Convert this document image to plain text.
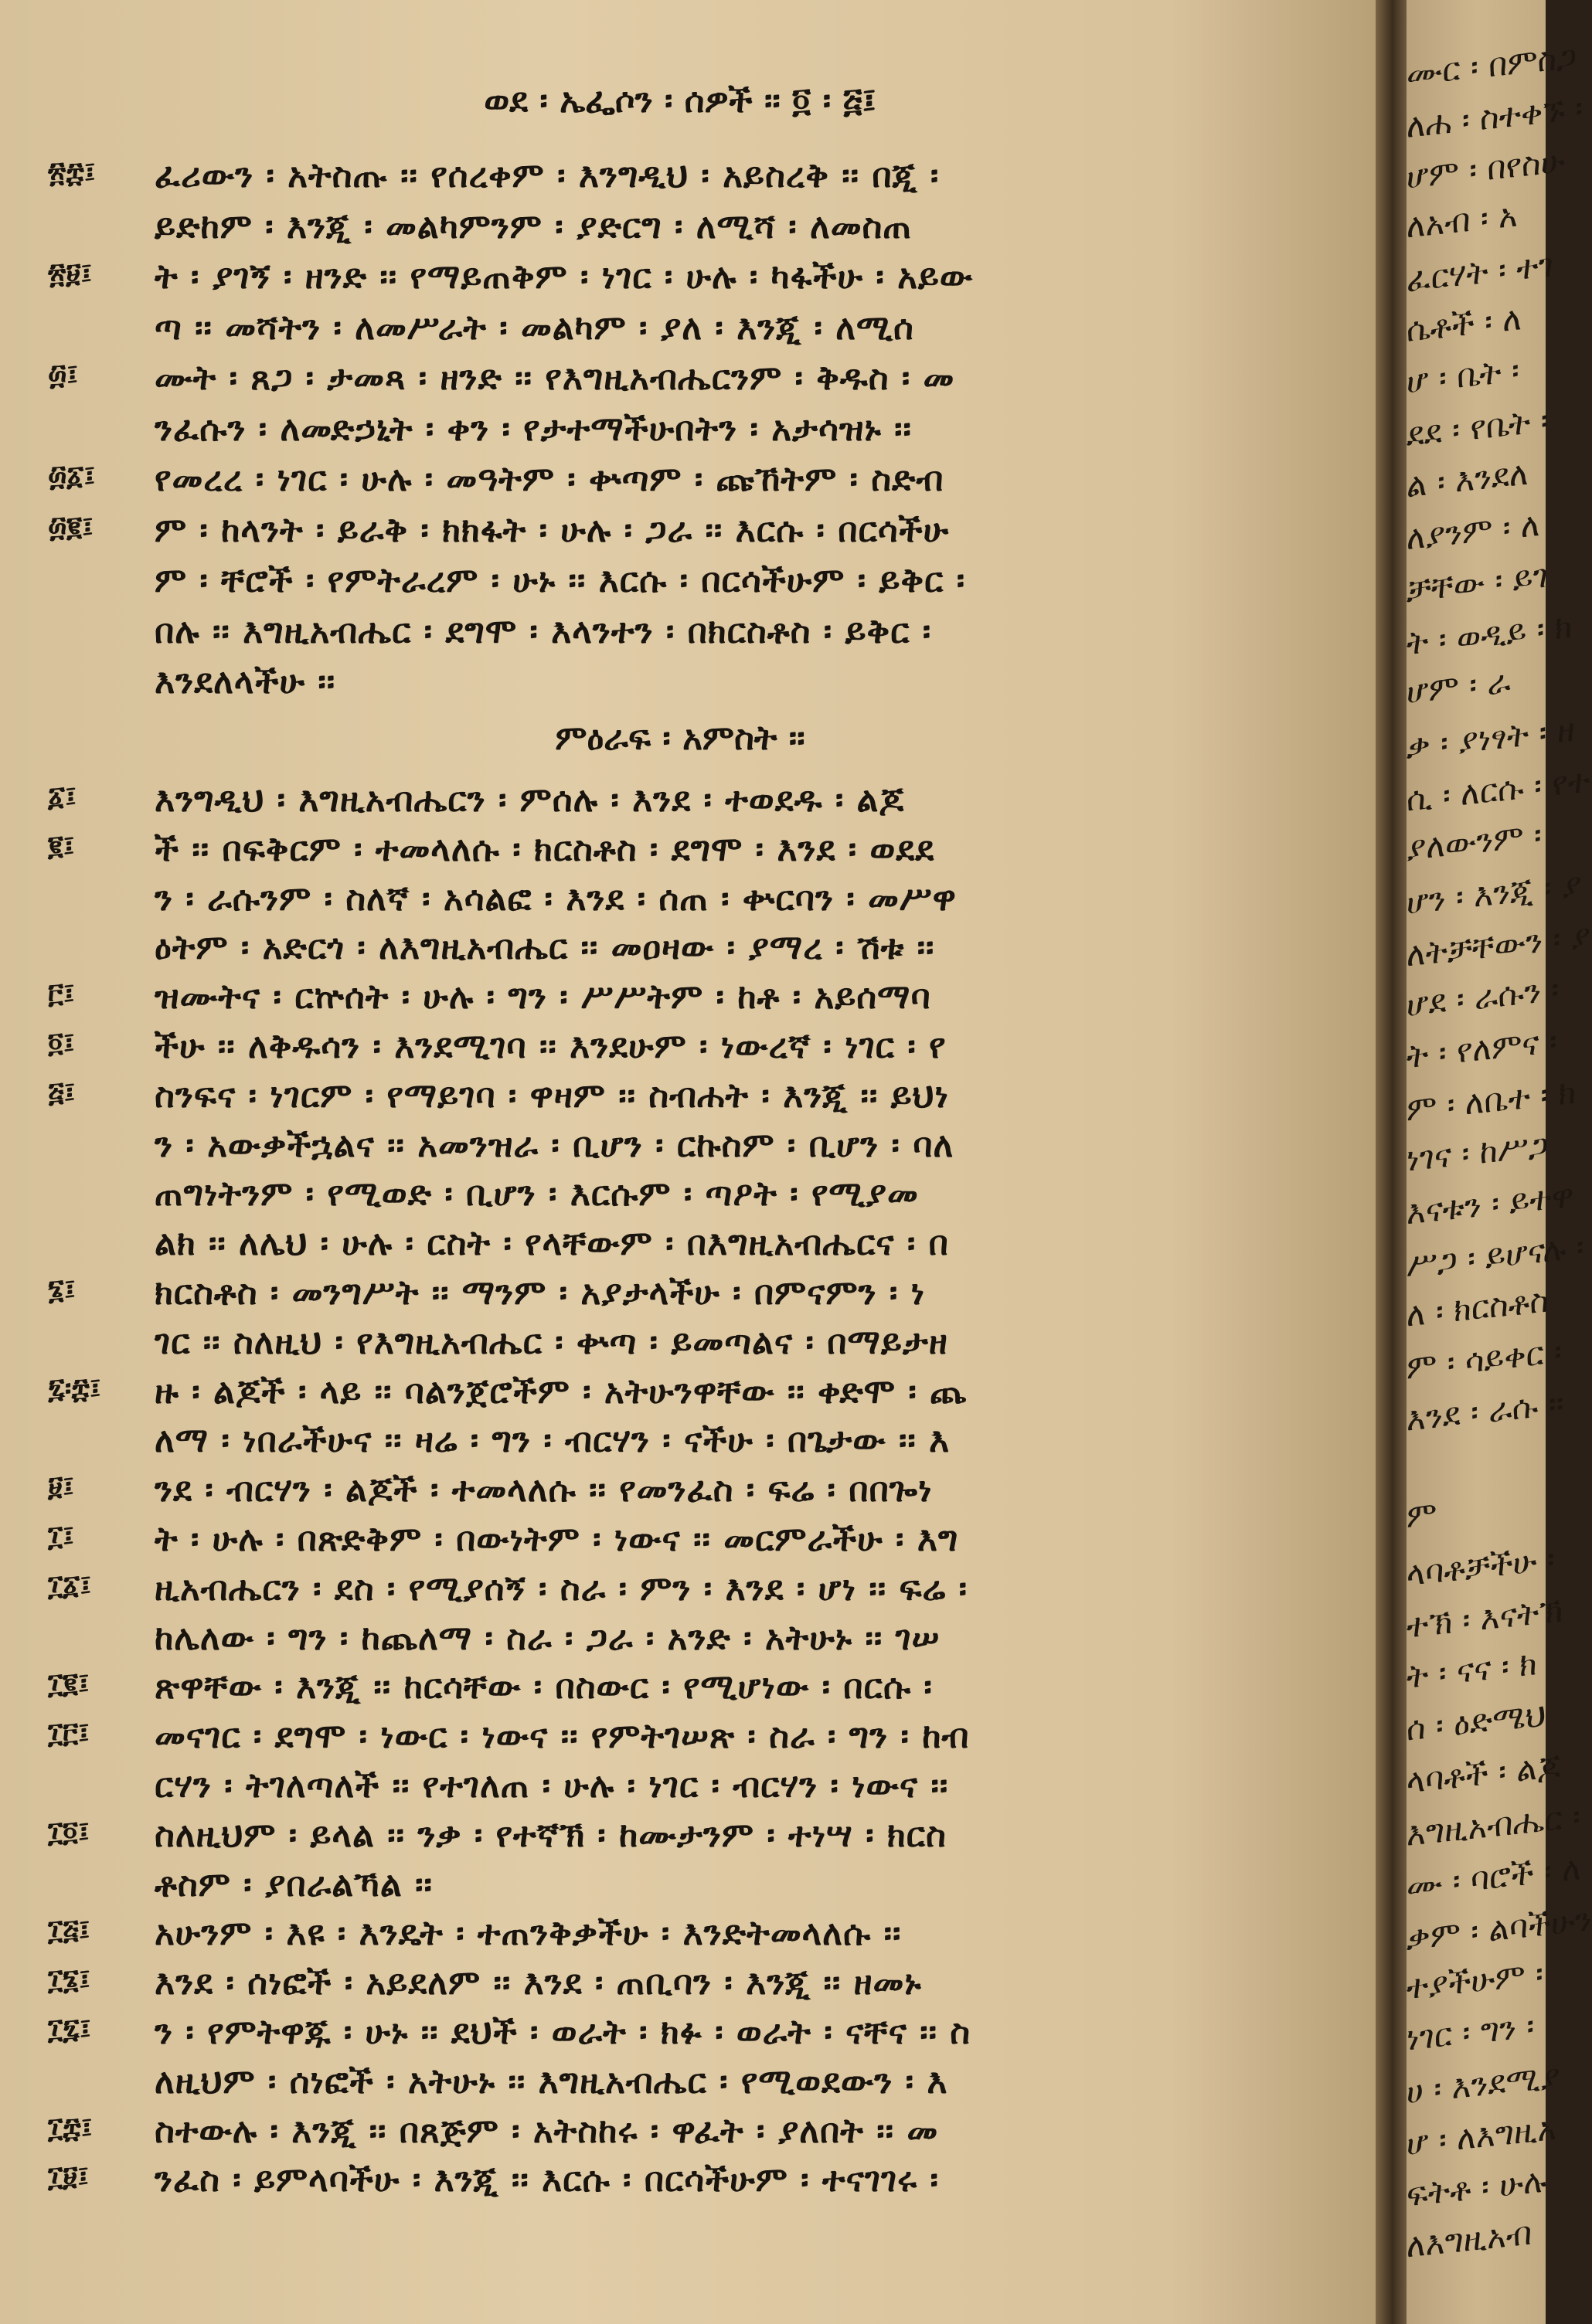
ወደ ፡ ኤፌሶን ፡ ሰዎች ፡፡ ፬ ፡ ፭፤
፳፰፤	ፈሪውን ፡ አትስጡ ፡፡ የሰረቀም ፡ እንግዲህ ፡ አይስረቅ ፡፡ በጂ ፡
ይድከም ፡ እንጂ ፡ መልካምንም ፡ ያድርግ ፡ ለሚሻ ፡ ለመስጠ
፳፱፤	ት ፡ ያገኝ ፡ ዘንድ ፡፡ የማይጠቅም ፡ ነገር ፡ ሁሉ ፡ ካፋችሁ ፡ አይው
ጣ ፡፡ መሻትን ፡ ለመሥራት ፡ መልካም ፡ ያለ ፡ እንጂ ፡ ለሚሰ
፴፤	ሙት ፡ ጸጋ ፡ ታመጻ ፡ ዘንድ ፡፡ የእግዚአብሔርንም ፡ ቅዱስ ፡ መ
ንፈሱን ፡ ለመድኃኒት ፡ ቀን ፡ የታተማችሁበትን ፡ አታሳዝኑ ፡፡
፴፩፤	የመረረ ፡ ነገር ፡ ሁሉ ፡ መዓትም ፡ ቍጣም ፡ ጩኸትም ፡ ስድብ
፴፪፤	ም ፡ ከላንት ፡ ይራቅ ፡ ክክፋት ፡ ሁሉ ፡ ጋራ ፡፡ እርሱ ፡ በርሳችሁ
ም ፡ ቸሮች ፡ የምትራረም ፡ ሁኑ ፡፡ እርሱ ፡ በርሳችሁም ፡ ይቅር ፡
በሉ ፡፡ እግዚአብሔር ፡ ደግሞ ፡ እላንተን ፡ በክርስቶስ ፡ ይቅር ፡
እንደለላችሁ ፡፡
ምዕራፍ ፡ አምስት ፡፡
፩፤	እንግዲህ ፡ እግዚአብሔርን ፡ ምሰሉ ፡ እንደ ፡ ተወደዱ ፡ ልጆ
፪፤	ች ፡፡ በፍቅርም ፡ ተመላለሱ ፡ ክርስቶስ ፡ ደግሞ ፡ እንደ ፡ ወደደ
ን ፡ ራሱንም ፡ ስለኛ ፡ አሳልፎ ፡ እንደ ፡ ሰጠ ፡ ቍርባን ፡ መሥዋ
ዕትም ፡ አድርጎ ፡ ለእግዚአብሔር ፡፡ መዐዛው ፡ ያማረ ፡ ሽቱ ፡፡
፫፤	ዝሙትና ፡ ርኵሰት ፡ ሁሉ ፡ ግን ፡ ሥሥትም ፡ ከቶ ፡ አይሰማባ
፬፤	ችሁ ፡፡ ለቅዱሳን ፡ እንደሚገባ ፡፡ እንደሁም ፡ ነውረኛ ፡ ነገር ፡ የ
፭፤	ስንፍና ፡ ነገርም ፡ የማይገባ ፡ ዋዛም ፡፡ ስብሐት ፡ እንጂ ፡፡ ይህነ
ን ፡ አውቃችኋልና ፡፡ አመንዝራ ፡ ቢሆን ፡ ርኩስም ፡ ቢሆን ፡ ባለ
ጠግነትንም ፡ የሚወድ ፡ ቢሆን ፡ እርሱም ፡ ጣዖት ፡ የሚያመ
ልክ ፡፡ ለሌህ ፡ ሁሉ ፡ ርስት ፡ የላቸውም ፡ በእግዚአብሔርና ፡ በ
፮፤	ክርስቶስ ፡ መንግሥት ፡፡ ማንም ፡ አያታላችሁ ፡ በምናምን ፡ ነ
ገር ፡፡ ስለዚህ ፡ የእግዚአብሔር ፡ ቍጣ ፡ ይመጣልና ፡ በማይታዘ
፯፡፰፤	ዙ ፡ ልጆች ፡ ላይ ፡፡ ባልንጀሮችም ፡ አትሁንዋቸው ፡፡ ቀድሞ ፡ ጨ
ለማ ፡ ነበራችሁና ፡፡ ዛሬ ፡ ግን ፡ ብርሃን ፡ ናችሁ ፡ በጌታው ፡፡ እ
፱፤	ንደ ፡ ብርሃን ፡ ልጆች ፡ ተመላለሱ ፡፡ የመንፈስ ፡ ፍሬ ፡ በበጐነ
፲፤	ት ፡ ሁሉ ፡ በጽድቅም ፡ በውነትም ፡ ነውና ፡፡ መርምራችሁ ፡ እግ
፲፩፤	ዚአብሔርን ፡ ደስ ፡ የሚያሰኝ ፡ ስራ ፡ ምን ፡ እንደ ፡ ሆነ ፡፡ ፍሬ ፡
ከሌለው ፡ ግን ፡ ከጨለማ ፡ ስራ ፡ ጋራ ፡ አንድ ፡ አትሁኑ ፡፡ ገሠ
፲፪፤	ጽዋቸው ፡ እንጂ ፡፡ ከርሳቸው ፡ በስውር ፡ የሚሆነው ፡ በርሱ ፡
፲፫፤	መናገር ፡ ደግሞ ፡ ነውር ፡ ነውና ፡፡ የምትገሠጽ ፡ ስራ ፡ ግን ፡ ከብ
ርሃን ፡ ትገለጣለች ፡፡ የተገለጠ ፡ ሁሉ ፡ ነገር ፡ ብርሃን ፡ ነውና ፡፡
፲፬፤	ስለዚህም ፡ ይላል ፡፡ ንቃ ፡ የተኛኽ ፡ ከሙታንም ፡ ተነሣ ፡ ክርስ
ቶስም ፡ ያበራልኻል ፡፡
፲፭፤	አሁንም ፡ እዩ ፡ እንዴት ፡ ተጠንቅቃችሁ ፡ እንድትመላለሱ ፡፡
፲፮፤	እንደ ፡ ሰነፎች ፡ አይደለም ፡፡ እንደ ፡ ጠቢባን ፡ እንጂ ፡፡ ዘመኑ
፲፯፤	ን ፡ የምትዋጁ ፡ ሁኑ ፡፡ ደህች ፡ ወራት ፡ ክፉ ፡ ወራት ፡ ናቸና ፡፡ ስ
ለዚህም ፡ ሰነፎች ፡ አትሁኑ ፡፡ እግዚአብሔር ፡ የሚወደውን ፡ እ
፲፰፤	ስተውሉ ፡ እንጂ ፡፡ በጸጅም ፡ አትስከሩ ፡ ዋፈት ፡ ያለበት ፡፡ መ
፲፱፤	ንፈስ ፡ ይምላባችሁ ፡ እንጂ ፡፡ እርሱ ፡ በርሳችሁም ፡ ተናገገሩ ፡
ሙር ፡ በምስጋ
ለሐ ፡ ስተቀኙ ፡
ሆም ፡ በየስሁ
ለአብ ፡ አ
ፈርሃት ፡ ተገ
ሴቶች ፡ ለ
ሆ ፡ ቤት ፡
ደደ ፡ የቤት ፡
ል ፡ እንደለ
ለያንም ፡ ለ
ቻቸው ፡ ይገ
ት ፡ ወዲይ ፡ ክ
ሆም ፡ ራ
ቃ ፡ ያነፃት ፡ ዘ
ሲ ፡ ለርሱ ፡ የተ
ያለውንም ፡
ሆን ፡ እንጂ ፡ ያ
ለትቻቸውን ፡ ያ
ሆደ ፡ ራሱን ፡
ት ፡ የለምና ፡
ም ፡ ለቤተ ፡ ክ
ነገና ፡ ከሥጋ
እናቱን ፡ ይተዋ
ሥጋ ፡ ይሆናሉ ፡
ለ ፡ ክርስቶስ
ም ፡ ሳይቀር ፡
እንደ ፡ ራሱ ፡፡
ም
ላባቶቻችሁ ፡
ተኽ ፡ እናትኽ
ት ፡ ናና ፡ ክ
ሰ ፡ ዕድሜህ
ላባቶች ፡ ልጆ
እግዚአብሔር ፡
ሙ ፡ ባሮች ፡ ለ
ቃም ፡ ልባችሁን
ተያችሁም ፡
ነገር ፡ ግን ፡
ሀ ፡ እንደሚያ
ሆ ፡ ለእግዚአ
ፍትቶ ፡ ሁሉ
ለእግዚአብ
